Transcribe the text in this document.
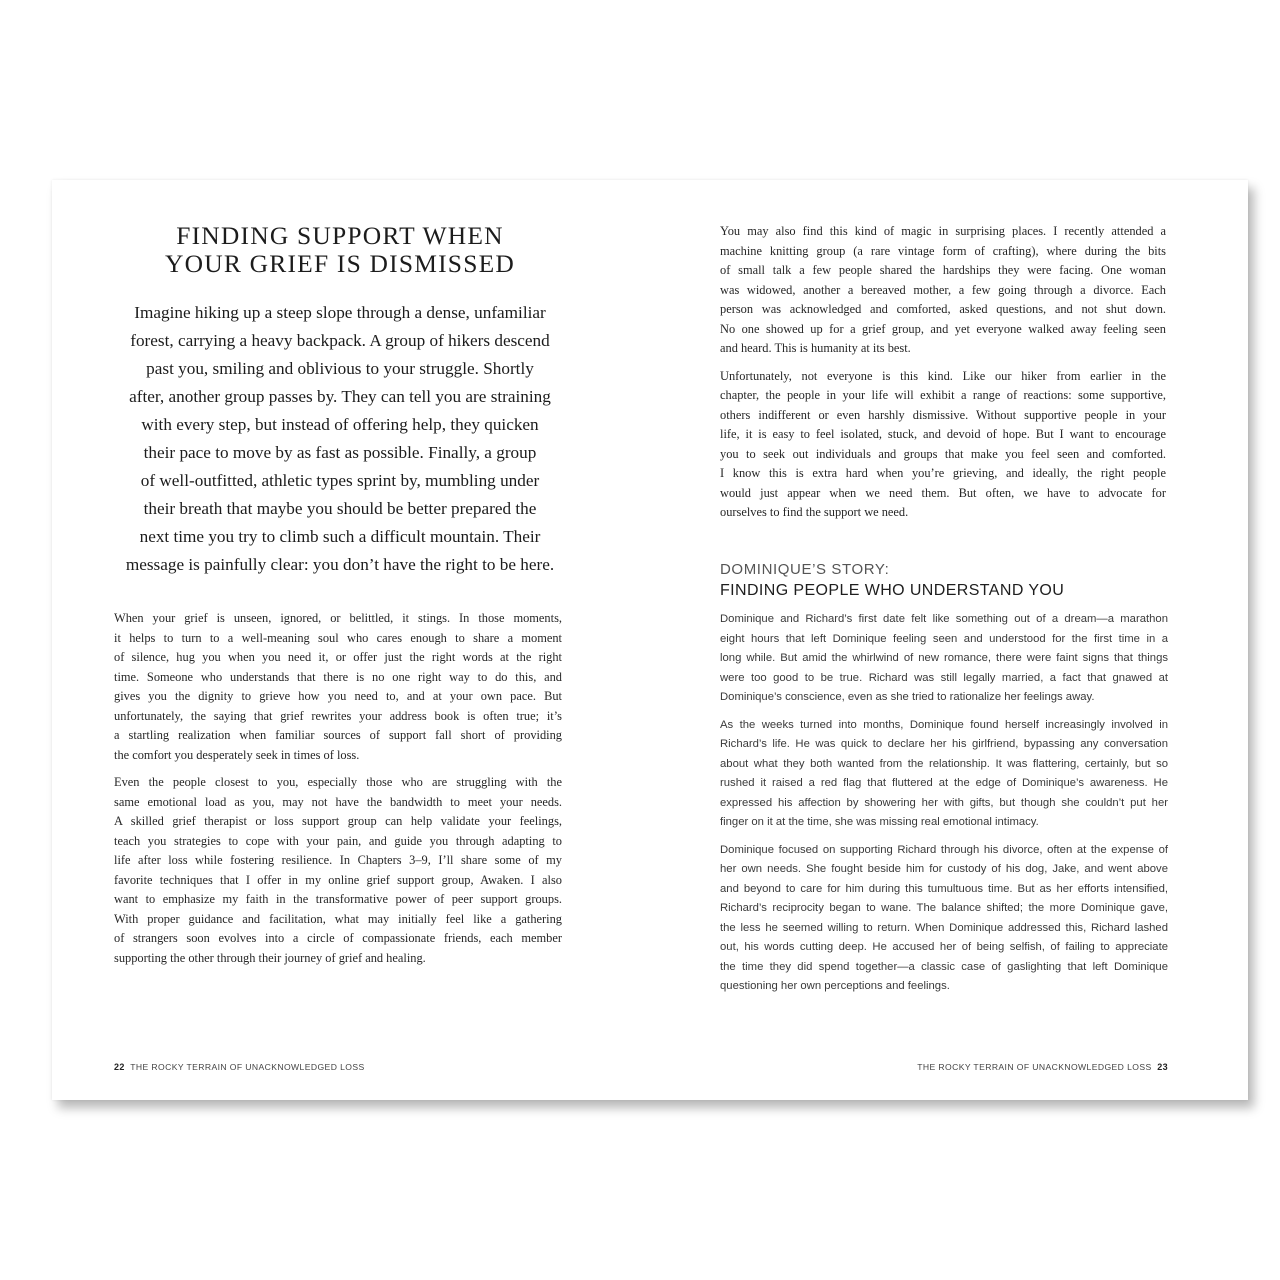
FINDING SUPPORT WHEN
YOUR GRIEF IS DISMISSED
Imagine hiking up a steep slope through a dense, unfamiliar
forest, carrying a heavy backpack. A group of hikers descend
past you, smiling and oblivious to your struggle. Shortly
after, another group passes by. They can tell you are straining
with every step, but instead of offering help, they quicken
their pace to move by as fast as possible. Finally, a group
of well-outfitted, athletic types sprint by, mumbling under
their breath that maybe you should be better prepared the
next time you try to climb such a difficult mountain. Their
message is painfully clear: you don’t have the right to be here.

When your grief is unseen, ignored, or belittled, it stings. In those moments,
it helps to turn to a well-meaning soul who cares enough to share a moment
of silence, hug you when you need it, or offer just the right words at the right
time. Someone who understands that there is no one right way to do this, and
gives you the dignity to grieve how you need to, and at your own pace. But
unfortunately, the saying that grief rewrites your address book is often true; it’s
a startling realization when familiar sources of support fall short of providing
the comfort you desperately seek in times of loss.

Even the people closest to you, especially those who are struggling with the
same emotional load as you, may not have the bandwidth to meet your needs.
A skilled grief therapist or loss support group can help validate your feelings,
teach you strategies to cope with your pain, and guide you through adapting to
life after loss while fostering resilience. In Chapters 3–9, I’ll share some of my
favorite techniques that I offer in my online grief support group, Awaken. I also
want to emphasize my faith in the transformative power of peer support groups.
With proper guidance and facilitation, what may initially feel like a gathering
of strangers soon evolves into a circle of compassionate friends, each member
supporting the other through their journey of grief and healing.

22 THE ROCKY TERRAIN OF UNACKNOWLEDGED LOSS

You may also find this kind of magic in surprising places. I recently attended a
machine knitting group (a rare vintage form of crafting), where during the bits
of small talk a few people shared the hardships they were facing. One woman
was widowed, another a bereaved mother, a few going through a divorce. Each
person was acknowledged and comforted, asked questions, and not shut down.
No one showed up for a grief group, and yet everyone walked away feeling seen
and heard. This is humanity at its best.

Unfortunately, not everyone is this kind. Like our hiker from earlier in the
chapter, the people in your life will exhibit a range of reactions: some supportive,
others indifferent or even harshly dismissive. Without supportive people in your
life, it is easy to feel isolated, stuck, and devoid of hope. But I want to encourage
you to seek out individuals and groups that make you feel seen and comforted.
I know this is extra hard when you’re grieving, and ideally, the right people
would just appear when we need them. But often, we have to advocate for
ourselves to find the support we need.

DOMINIQUE’S STORY:
FINDING PEOPLE WHO UNDERSTAND YOU

Dominique and Richard’s first date felt like something out of a dream—a marathon
eight hours that left Dominique feeling seen and understood for the first time in a
long while. But amid the whirlwind of new romance, there were faint signs that things
were too good to be true. Richard was still legally married, a fact that gnawed at
Dominique’s conscience, even as she tried to rationalize her feelings away.

As the weeks turned into months, Dominique found herself increasingly involved in
Richard’s life. He was quick to declare her his girlfriend, bypassing any conversation
about what they both wanted from the relationship. It was flattering, certainly, but so
rushed it raised a red flag that fluttered at the edge of Dominique’s awareness. He
expressed his affection by showering her with gifts, but though she couldn’t put her
finger on it at the time, she was missing real emotional intimacy.

Dominique focused on supporting Richard through his divorce, often at the expense of
her own needs. She fought beside him for custody of his dog, Jake, and went above
and beyond to care for him during this tumultuous time. But as her efforts intensified,
Richard’s reciprocity began to wane. The balance shifted; the more Dominique gave,
the less he seemed willing to return. When Dominique addressed this, Richard lashed
out, his words cutting deep. He accused her of being selfish, of failing to appreciate
the time they did spend together—a classic case of gaslighting that left Dominique
questioning her own perceptions and feelings.

THE ROCKY TERRAIN OF UNACKNOWLEDGED LOSS 23
